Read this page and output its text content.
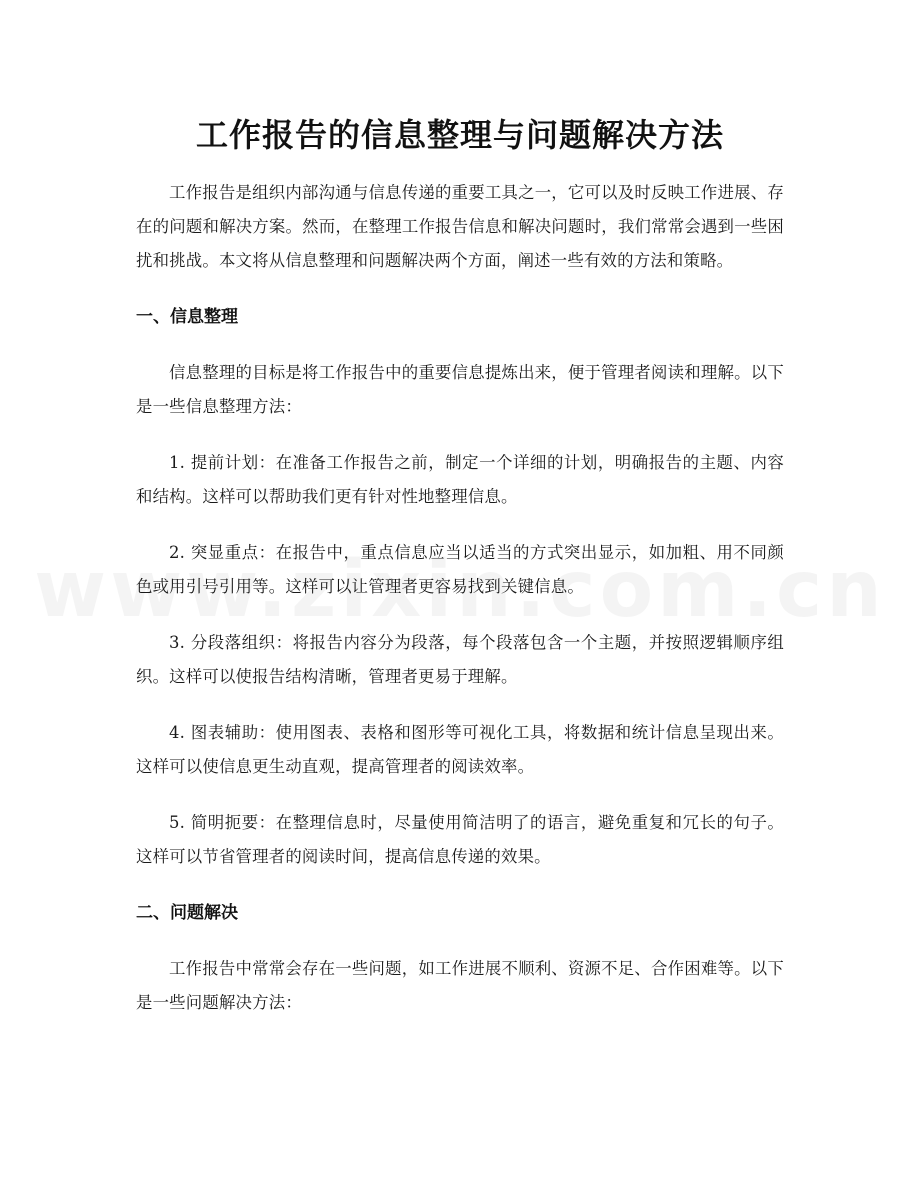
工作报告的信息整理与问题解决方法

工作报告是组织内部沟通与信息传递的重要工具之一，它可以及时反映工作进展、存在的问题和解决方案。然而，在整理工作报告信息和解决问题时，我们常常会遇到一些困扰和挑战。本文将从信息整理和问题解决两个方面，阐述一些有效的方法和策略。

一、信息整理

信息整理的目标是将工作报告中的重要信息提炼出来，便于管理者阅读和理解。以下是一些信息整理方法：

1. 提前计划：在准备工作报告之前，制定一个详细的计划，明确报告的主题、内容和结构。这样可以帮助我们更有针对性地整理信息。

2. 突显重点：在报告中，重点信息应当以适当的方式突出显示，如加粗、用不同颜色或用引号引用等。这样可以让管理者更容易找到关键信息。

3. 分段落组织：将报告内容分为段落，每个段落包含一个主题，并按照逻辑顺序组织。这样可以使报告结构清晰，管理者更易于理解。

4. 图表辅助：使用图表、表格和图形等可视化工具，将数据和统计信息呈现出来。这样可以使信息更生动直观，提高管理者的阅读效率。

5. 简明扼要：在整理信息时，尽量使用简洁明了的语言，避免重复和冗长的句子。这样可以节省管理者的阅读时间，提高信息传递的效果。

二、问题解决

工作报告中常常会存在一些问题，如工作进展不顺利、资源不足、合作困难等。以下是一些问题解决方法：
